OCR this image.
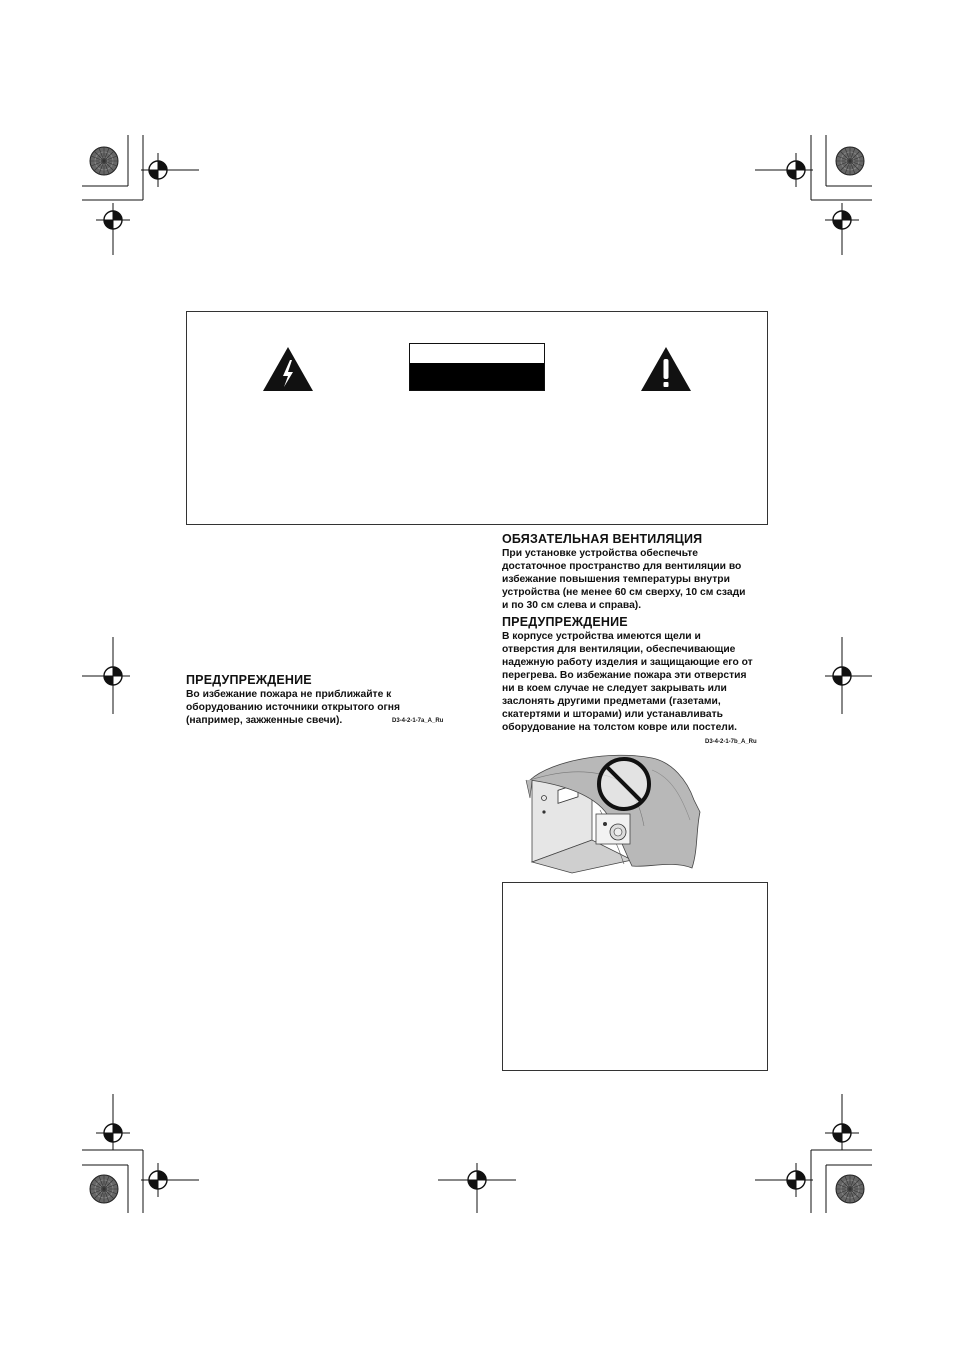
ПРЕДУПРЕЖДЕНИЕ
Во избежание пожара не приближайте к
оборудованию источники открытого огня
(например, зажженные свечи).	D3-4-2-1-7a_A_Ru
ОБЯЗАТЕЛЬНАЯ ВЕНТИЛЯЦИЯ
При установке устройства обеспечьте
достаточное пространство для вентиляции во
избежание повышения температуры внутри
устройства (не менее 60 см сверху, 10 см сзади
и по 30 см слева и справа).
ПРЕДУПРЕЖДЕНИЕ
В корпусе устройства имеются щели и
отверстия для вентиляции, обеспечивающие
надежную работу изделия и защищающие его от
перегрева. Во избежание пожара эти отверстия
ни в коем случае не следует закрывать или
заслонять другими предметами (газетами,
скатертями и шторами) или устанавливать
оборудование на толстом ковре или постели.
D3-4-2-1-7b_A_Ru
